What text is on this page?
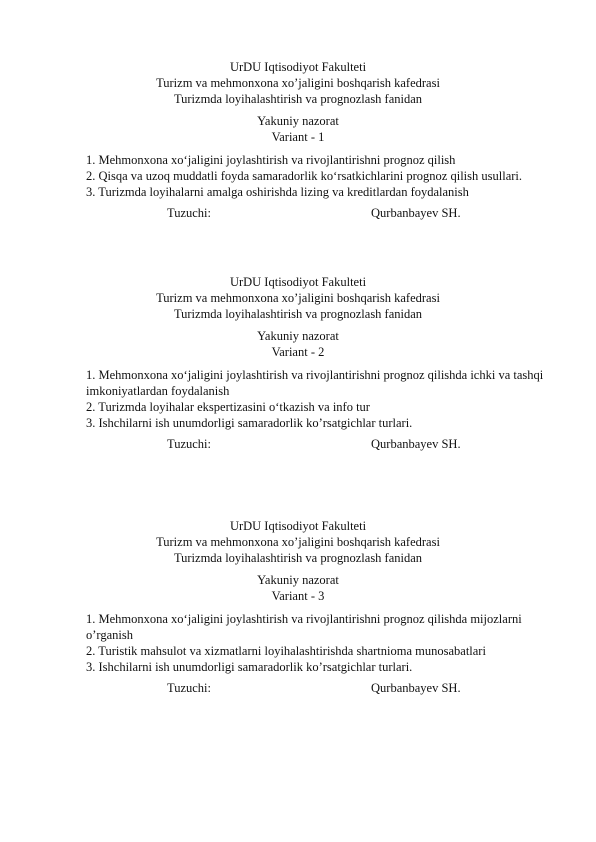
UrDU Iqtisodiyot Fakulteti
Turizm va mehmonxona xo’jaligini boshqarish kafedrasi
Turizmda loyihalashtirish va prognozlash fanidan
Yakuniy nazorat
Variant - 1

1. Mehmonxona xo‘jaligini joylashtirish va rivojlantirishni prognoz qilish

2. Qisqa va uzoq muddatli foyda samaradorlik ko‘rsatkichlarini prognoz qilish usullari.

3. Turizmda loyihalarni amalga oshirishda lizing va kreditlardan foydalanish

Tuzuchi:	Qurbanbayev SH.
UrDU Iqtisodiyot Fakulteti
Turizm va mehmonxona xo’jaligini boshqarish kafedrasi
Turizmda loyihalashtirish va prognozlash fanidan
Yakuniy nazorat
Variant - 2

1. Mehmonxona xo‘jaligini joylashtirish va rivojlantirishni prognoz qilishda ichki va tashqi imkoniyatlardan foydalanish

2. Turizmda loyihalar ekspertizasini o‘tkazish va info tur

3. Ishchilarni ish unumdorligi samaradorlik ko’rsatgichlar turlari.

Tuzuchi:	Qurbanbayev SH.
UrDU Iqtisodiyot Fakulteti
Turizm va mehmonxona xo’jaligini boshqarish kafedrasi
Turizmda loyihalashtirish va prognozlash fanidan
Yakuniy nazorat
Variant - 3

1. Mehmonxona xo‘jaligini joylashtirish va rivojlantirishni prognoz qilishda mijozlarni o’rganish

2. Turistik mahsulot va xizmatlarni loyihalashtirishda shartnioma munosabatlari

3. Ishchilarni ish unumdorligi samaradorlik ko’rsatgichlar turlari.

Tuzuchi:	Qurbanbayev SH.
